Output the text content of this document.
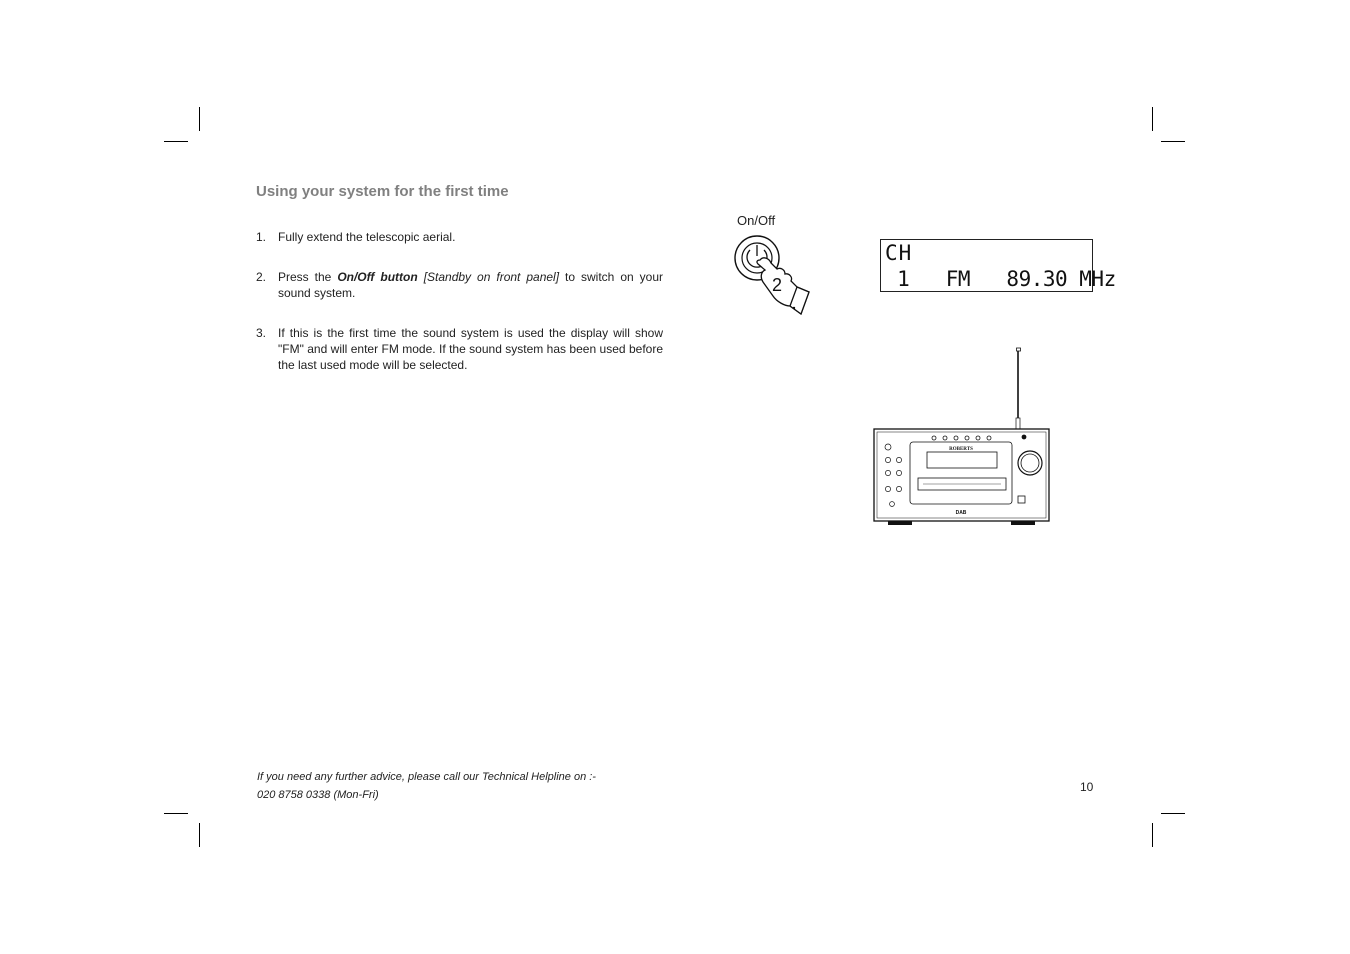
Using your system for the first time
1. Fully extend the telescopic aerial.
2. Press the On/Off button [Standby on front panel] to switch on your sound system.
3. If this is the first time the sound system is used the display will show "FM" and will enter FM mode. If the sound system has been used before the last used mode will be selected.
On/Off
2
CH
1   FM   89.30 MHz
ROBERTS
DAB
If you need any further advice, please call our Technical Helpline on :-
020 8758 0338 (Mon-Fri)
10
